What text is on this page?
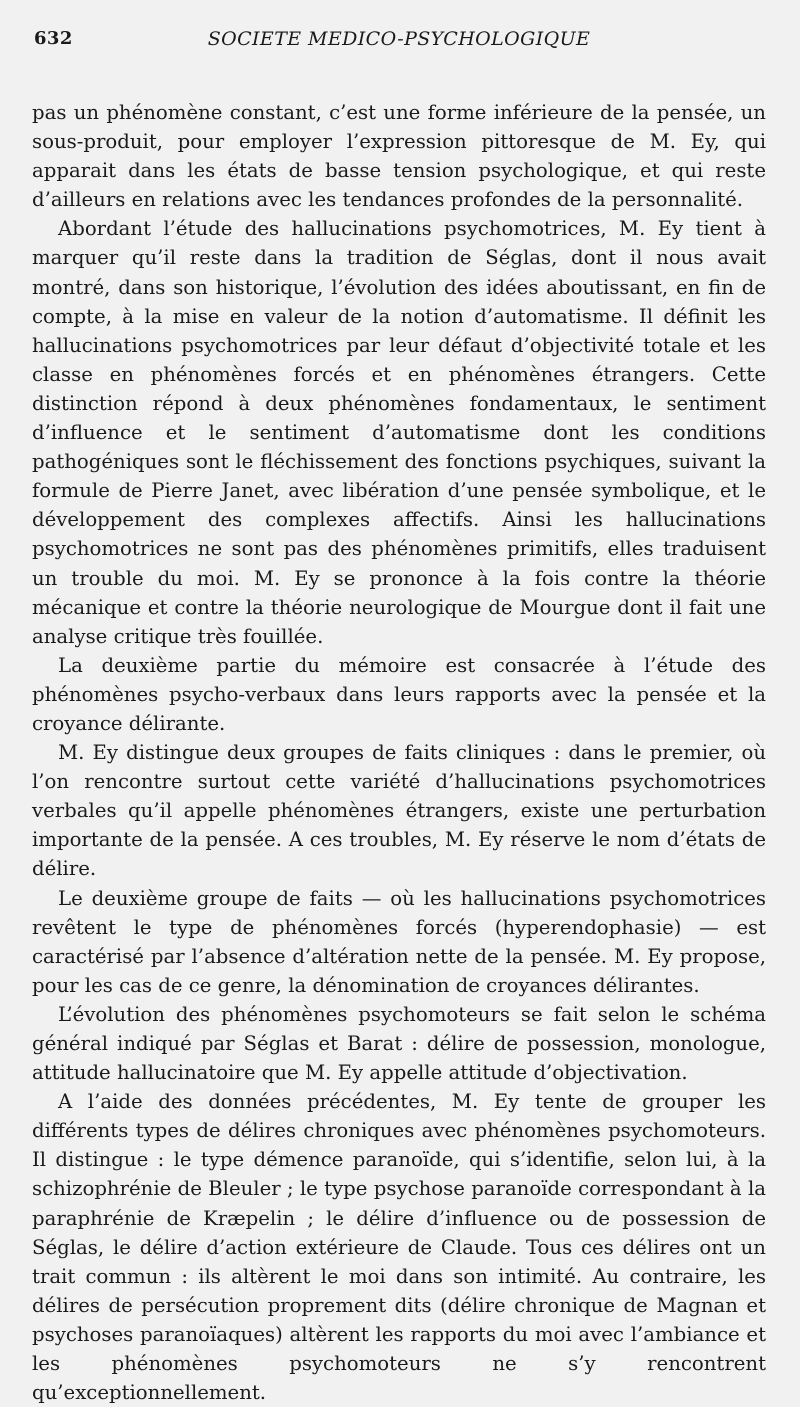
632	SOCIETE MEDICO-PSYCHOLOGIQUE

pas un phénomène constant, c’est une forme inférieure de la pensée, un sous-produit, pour employer l’expression pittoresque de M. Ey, qui apparait dans les états de basse tension psychologique, et qui reste d’ailleurs en relations avec les tendances profondes de la personnalité.

Abordant l’étude des hallucinations psychomotrices, M. Ey tient à marquer qu’il reste dans la tradition de Séglas, dont il nous avait montré, dans son historique, l’évolution des idées aboutissant, en fin de compte, à la mise en valeur de la notion d’automatisme. Il définit les hallucinations psychomotrices par leur défaut d’objectivité totale et les classe en phénomènes forcés et en phénomènes étrangers. Cette distinction répond à deux phénomènes fondamentaux, le sentiment d’influence et le sentiment d’automatisme dont les conditions pathogéniques sont le fléchissement des fonctions psychiques, suivant la formule de Pierre Janet, avec libération d’une pensée symbolique, et le développement des complexes affectifs. Ainsi les hallucinations psychomotrices ne sont pas des phénomènes primitifs, elles traduisent un trouble du moi. M. Ey se prononce à la fois contre la théorie mécanique et contre la théorie neurologique de Mourgue dont il fait une analyse critique très fouillée.

La deuxième partie du mémoire est consacrée à l’étude des phénomènes psycho-verbaux dans leurs rapports avec la pensée et la croyance délirante.

M. Ey distingue deux groupes de faits cliniques : dans le premier, où l’on rencontre surtout cette variété d’hallucinations psychomotrices verbales qu’il appelle phénomènes étrangers, existe une perturbation importante de la pensée. A ces troubles, M. Ey réserve le nom d’états de délire.

Le deuxième groupe de faits — où les hallucinations psychomotrices revêtent le type de phénomènes forcés (hyperendophasie) — est caractérisé par l’absence d’altération nette de la pensée. M. Ey propose, pour les cas de ce genre, la dénomination de croyances délirantes.

L’évolution des phénomènes psychomoteurs se fait selon le schéma général indiqué par Séglas et Barat : délire de possession, monologue, attitude hallucinatoire que M. Ey appelle attitude d’objectivation.

A l’aide des données précédentes, M. Ey tente de grouper les différents types de délires chroniques avec phénomènes psychomoteurs. Il distingue : le type démence paranoïde, qui s’identifie, selon lui, à la schizophrénie de Bleuler ; le type psychose paranoïde correspondant à la paraphrénie de Kræpelin ; le délire d’influence ou de possession de Séglas, le délire d’action extérieure de Claude. Tous ces délires ont un trait commun : ils altèrent le moi dans son intimité. Au contraire, les délires de persécution proprement dits (délire chronique de Magnan et psychoses paranoïaques) altèrent les rapports du moi avec l’ambiance et les phénomènes psychomoteurs ne s’y rencontrent qu’exceptionnellement.
